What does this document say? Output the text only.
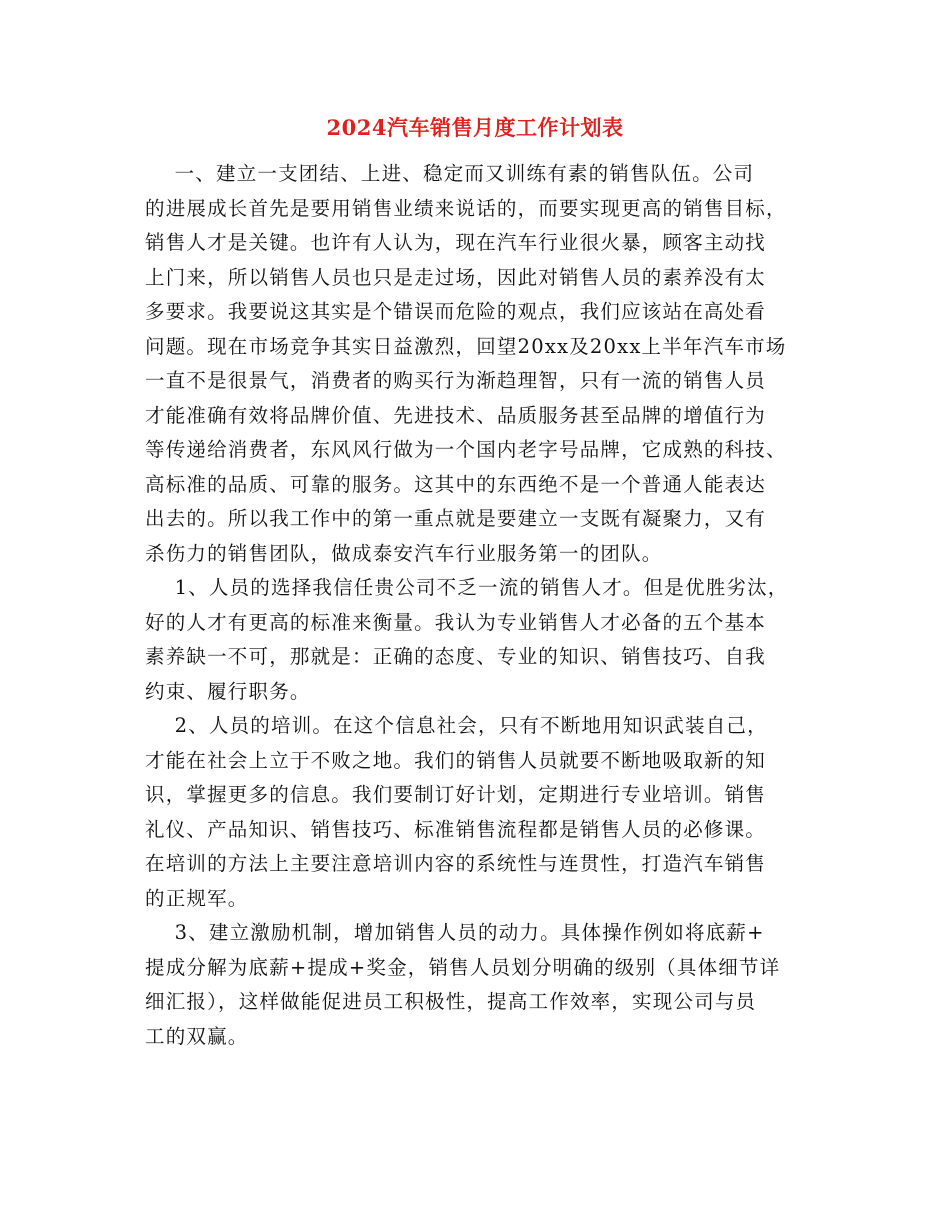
2024汽车销售月度工作计划表
一、建立一支团结、上进、稳定而又训练有素的销售队伍。公司
的进展成长首先是要用销售业绩来说话的，而要实现更高的销售目标，
销售人才是关键。也许有人认为，现在汽车行业很火暴，顾客主动找
上门来，所以销售人员也只是走过场，因此对销售人员的素养没有太
多要求。我要说这其实是个错误而危险的观点，我们应该站在高处看
问题。现在市场竞争其实日益激烈，回望20xx及20xx上半年汽车市场
一直不是很景气，消费者的购买行为渐趋理智，只有一流的销售人员
才能准确有效将品牌价值、先进技术、品质服务甚至品牌的增值行为
等传递给消费者，东风风行做为一个国内老字号品牌，它成熟的科技、
高标准的品质、可靠的服务。这其中的东西绝不是一个普通人能表达
出去的。所以我工作中的第一重点就是要建立一支既有凝聚力，又有
杀伤力的销售团队，做成泰安汽车行业服务第一的团队。
1、人员的选择我信任贵公司不乏一流的销售人才。但是优胜劣汰，
好的人才有更高的标准来衡量。我认为专业销售人才必备的五个基本
素养缺一不可，那就是：正确的态度、专业的知识、销售技巧、自我
约束、履行职务。
2、人员的培训。在这个信息社会，只有不断地用知识武装自己，
才能在社会上立于不败之地。我们的销售人员就要不断地吸取新的知
识，掌握更多的信息。我们要制订好计划，定期进行专业培训。销售
礼仪、产品知识、销售技巧、标准销售流程都是销售人员的必修课。
在培训的方法上主要注意培训内容的系统性与连贯性，打造汽车销售
的正规军。
3、建立激励机制，增加销售人员的动力。具体操作例如将底薪+
提成分解为底薪+提成+奖金，销售人员划分明确的级别（具体细节详
细汇报），这样做能促进员工积极性，提高工作效率，实现公司与员
工的双赢。
